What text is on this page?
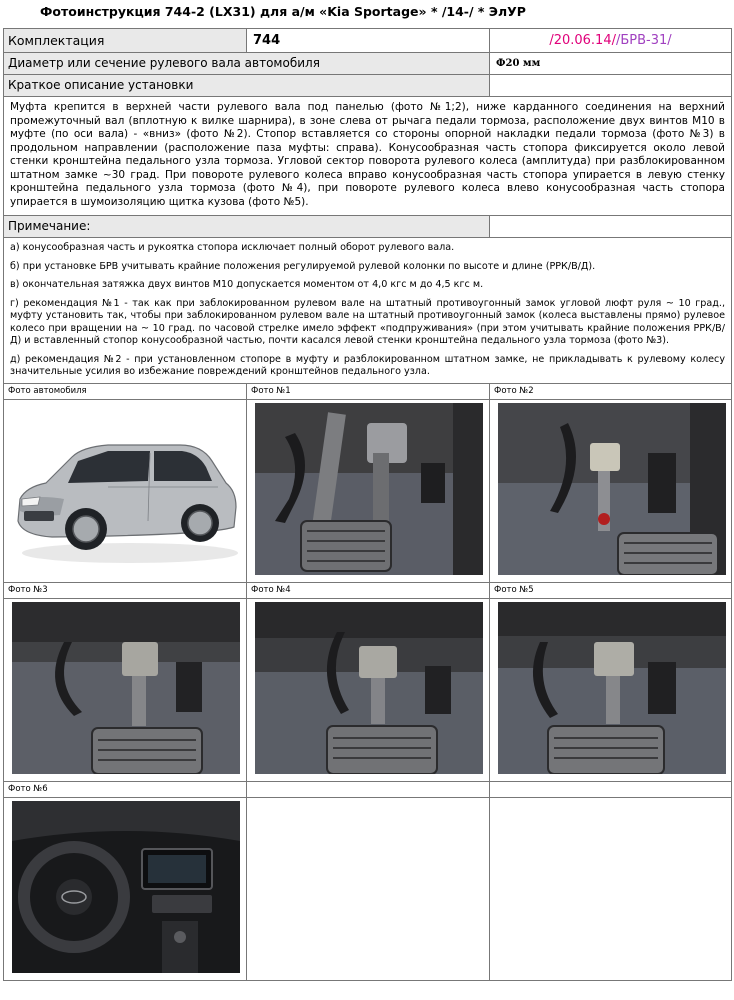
Фотоинструкция 744-2 (LX31) для а/м «Kia Sportage» * /14-/ * ЭлУР
Комплектация	744	/20.06.14//БРВ-31/
Диаметр или сечение рулевого вала автомобиля		Ф20 мм
Краткое описание установки		
Муфта крепится в верхней части рулевого вала под панелью (фото №1;2), ниже карданного соединения на верхний промежуточный вал (вплотную к вилке шарнира), в зоне слева от рычага педали тормоза, расположение двух винтов М10 в муфте (по оси вала) - «вниз» (фото №2). Стопор вставляется со стороны опорной накладки педали тормоза (фото №3) в продольном направлении (расположение паза муфты: справа). Конусообразная часть стопора фиксируется около левой стенки кронштейна педального узла тормоза. Угловой сектор поворота рулевого колеса (амплитуда) при разблокированном штатном замке ~30 град. При повороте рулевого колеса вправо конусообразная часть стопора упирается в левую стенку кронштейна педального узла тормоза (фото №4), при повороте рулевого колеса влево конусообразная часть стопора упирается в шумоизоляцию щитка кузова (фото №5).		
Примечание:		

а) конусообразная часть и рукоятка стопора исключает полный оборот рулевого вала.

б) при установке БРВ учитывать крайние положения регулируемой рулевой колонки по высоте и длине (РРК/В/Д).

в) окончательная затяжка двух винтов М10 допускается моментом от 4,0 кгс м до 4,5 кгс м.

г) рекомендация №1 - так как при заблокированном рулевом вале на штатный противоугонный замок угловой люфт руля ~ 10 град., муфту установить так, чтобы при заблокированном рулевом вале на штатный противоугонный замок (колеса выставлены прямо) рулевое колесо при вращении на ~ 10 град. по часовой стрелке имело эффект «подпруживания» (при этом учитывать крайние положения РРК/В/Д) и вставленный стопор конусообразной частью, почти касался левой стенки кронштейна педального узла тормоза (фото №3).

д) рекомендация №2 - при установленном стопоре в муфту и разблокированном штатном замке, не прикладывать к рулевому колесу значительные усилия во избежание повреждений кронштейнов педального узла.		

Фото автомобиля	Фото №1	Фото №2

Фото №3	Фото №4	Фото №5

Фото №6		
